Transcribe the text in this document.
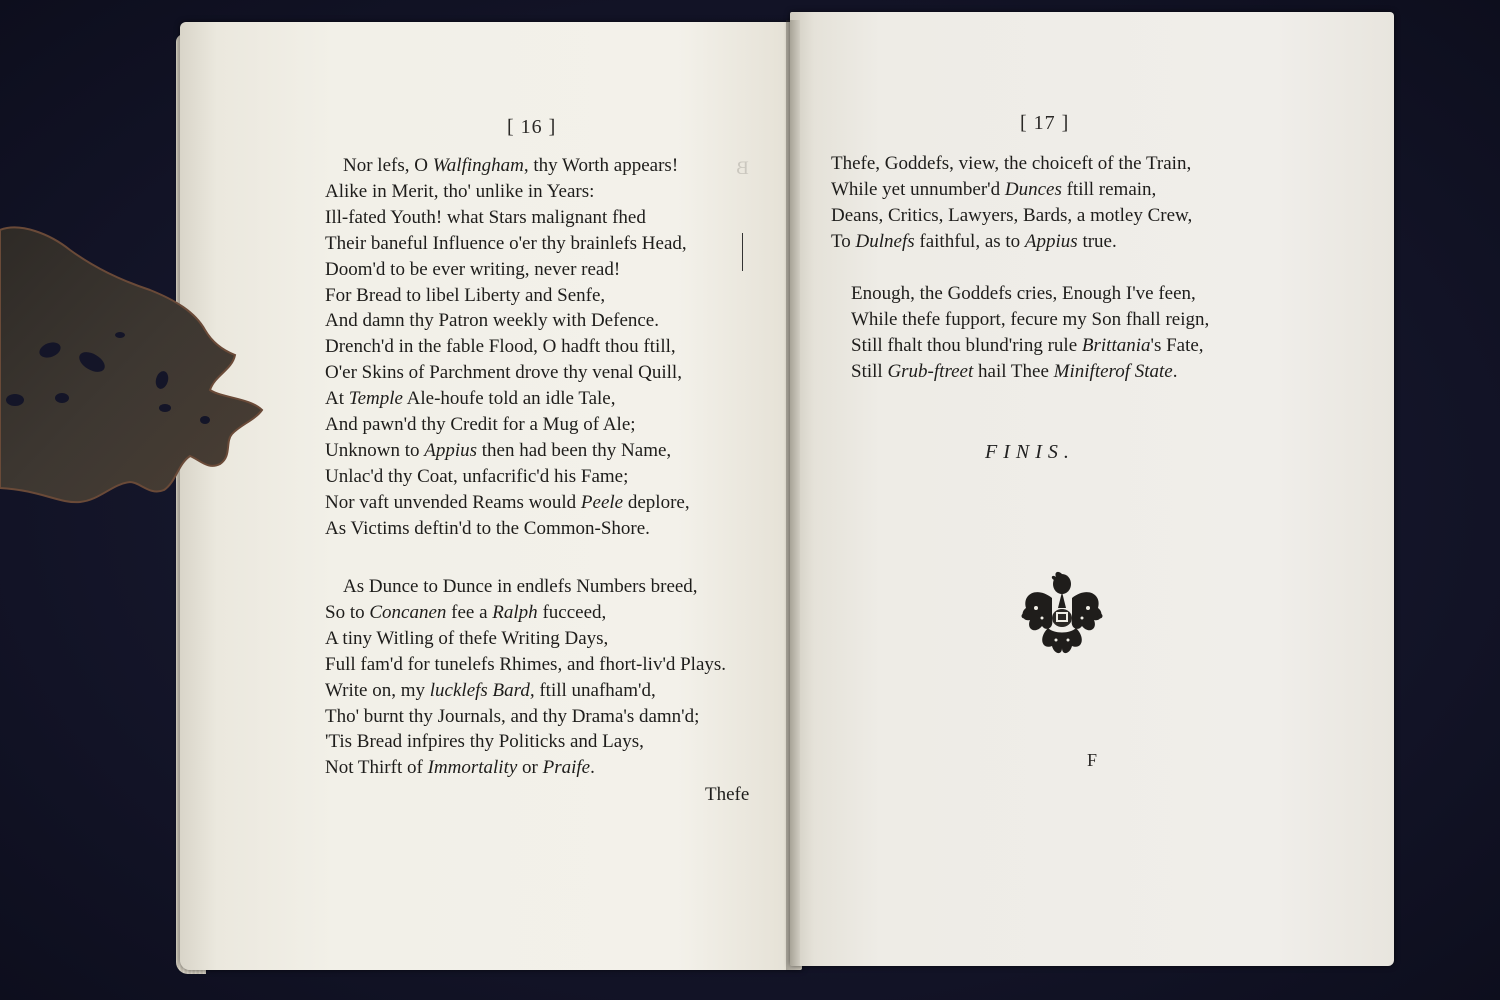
B
[ 16 ]
Nor lefs, O Walfingham, thy Worth appears!
Alike in Merit, tho' unlike in Years:
Ill-fated Youth! what Stars malignant fhed
Their baneful Influence o'er thy brainlefs Head,
Doom'd to be ever writing, never read!
For Bread to libel Liberty and Senfe,
And damn thy Patron weekly with Defence.
Drench'd in the fable Flood, O hadft thou ftill,
O'er Skins of Parchment drove thy venal Quill,
At Temple Ale-houfe told an idle Tale,
And pawn'd thy Credit for a Mug of Ale;
Unknown to Appius then had been thy Name,
Unlac'd thy Coat, unfacrific'd his Fame;
Nor vaft unvended Reams would Peele deplore,
As Victims deftin'd to the Common-Shore.
As Dunce to Dunce in endlefs Numbers breed,
So to Concanen fee a Ralph fucceed,
A tiny Witling of thefe Writing Days,
Full fam'd for tunelefs Rhimes, and fhort-liv'd Plays.
Write on, my lucklefs Bard, ftill unafham'd,
Tho' burnt thy Journals, and thy Drama's damn'd;
'Tis Bread infpires thy Politicks and Lays,
Not Thirft of Immortality or Praife.
Thefe
[ 17 ]
Thefe, Goddefs, view, the choiceft of the Train,
While yet unnumber'd Dunces ftill remain,
Deans, Critics, Lawyers, Bards, a motley Crew,
To Dulnefs faithful, as to Appius true.
Enough, the Goddefs cries, Enough I've feen,
While thefe fupport, fecure my Son fhall reign,
Still fhalt thou blund'ring rule Brittania's Fate,
Still Grub-ftreet hail Thee Minifterof State.
FINIS.
F
